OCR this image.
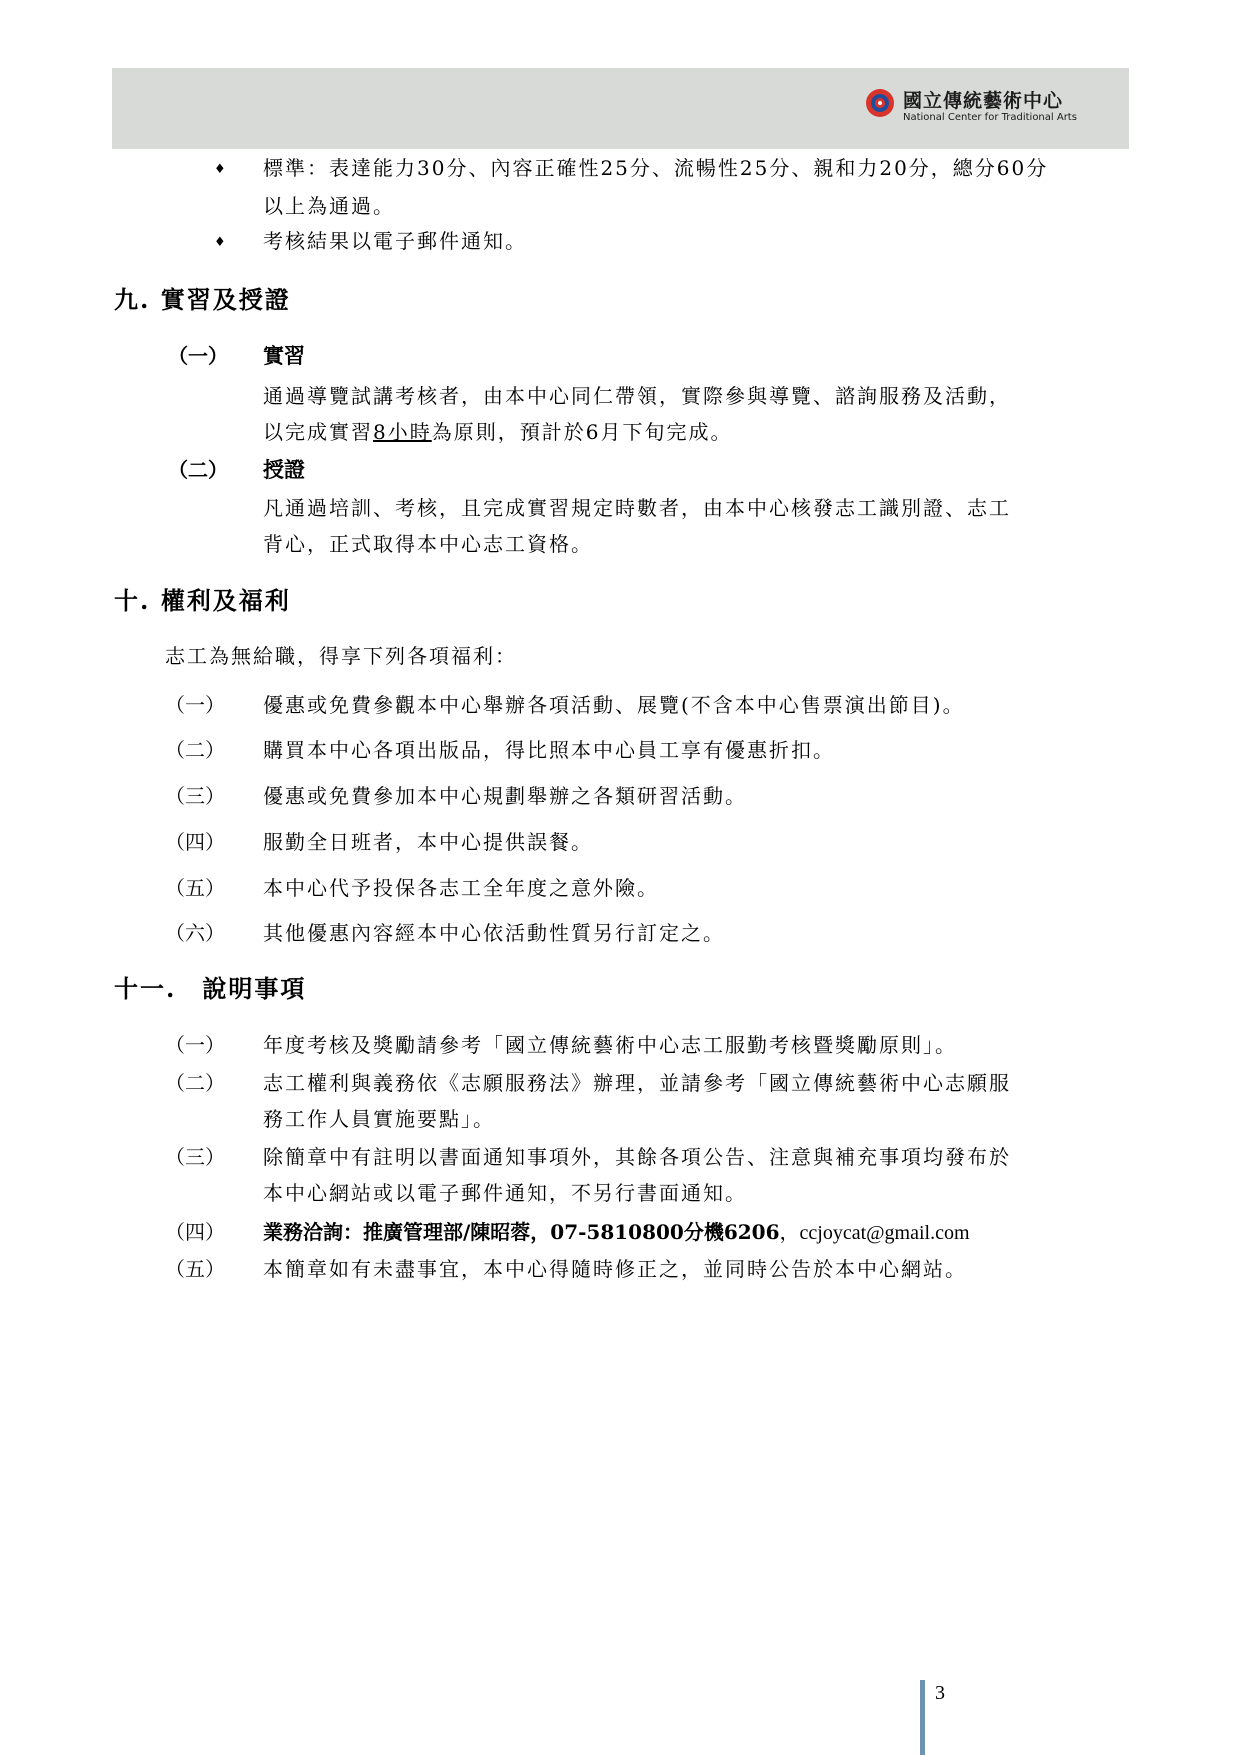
國立傳統藝術中心
National Center for Traditional Arts
♦ 標準：表達能力30分、內容正確性25分、流暢性25分、親和力20分，總分60分
以上為通過。
♦ 考核結果以電子郵件通知。
九. 實習及授證
（一） 實習
通過導覽試講考核者，由本中心同仁帶領，實際參與導覽、諮詢服務及活動，
以完成實習8小時為原則，預計於6月下旬完成。
（二） 授證
凡通過培訓、考核，且完成實習規定時數者，由本中心核發志工識別證、志工
背心，正式取得本中心志工資格。
十. 權利及福利
志工為無給職，得享下列各項福利：
（一） 優惠或免費參觀本中心舉辦各項活動、展覽(不含本中心售票演出節目)。
（二） 購買本中心各項出版品，得比照本中心員工享有優惠折扣。
（三） 優惠或免費參加本中心規劃舉辦之各類研習活動。
（四） 服勤全日班者，本中心提供誤餐。
（五） 本中心代予投保各志工全年度之意外險。
（六） 其他優惠內容經本中心依活動性質另行訂定之。
十一.　說明事項
（一） 年度考核及獎勵請參考「國立傳統藝術中心志工服勤考核暨獎勵原則」。
（二） 志工權利與義務依《志願服務法》辦理，並請參考「國立傳統藝術中心志願服
務工作人員實施要點」。
（三） 除簡章中有註明以書面通知事項外，其餘各項公告、注意與補充事項均發布於
本中心網站或以電子郵件通知，不另行書面通知。
（四） 業務洽詢：推廣管理部/陳昭蓉，07-5810800分機6206，ccjoycat@gmail.com
（五） 本簡章如有未盡事宜，本中心得隨時修正之，並同時公告於本中心網站。
3
